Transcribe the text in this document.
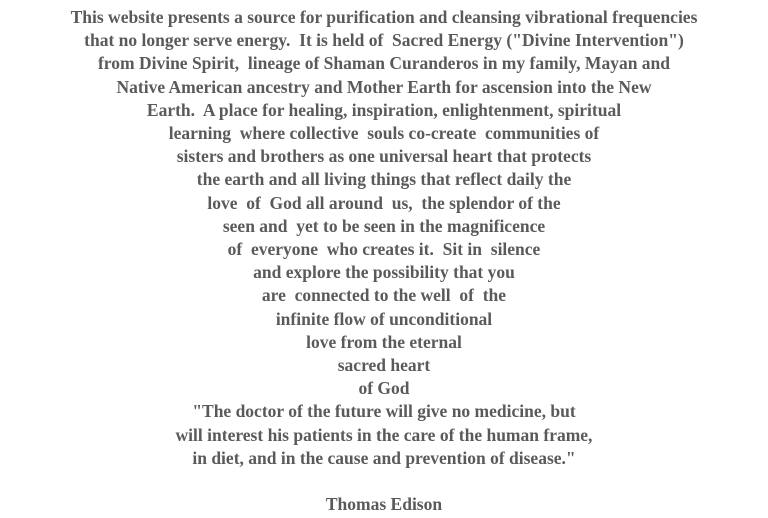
This website presents a source for purification and cleansing vibrational frequencies
that no longer serve energy.  It is held of  Sacred Energy ("Divine Intervention")
from Divine Spirit,  lineage of Shaman Curanderos in my family, Mayan and
Native American ancestry and Mother Earth for ascension into the New
Earth.  A place for healing, inspiration, enlightenment, spiritual
learning  where collective  souls co-create  communities of
sisters and brothers as one universal heart that protects
the earth and all living things that reflect daily the
love  of  God all around  us,  the splendor of the
seen and  yet to be seen in the magnificence
of  everyone  who creates it.  Sit in  silence
and explore the possibility that you
are  connected to the well  of  the
infinite flow of unconditional
love from the eternal
sacred heart
of God
"The doctor of the future will give no medicine, but
will interest his patients in the care of the human frame,
in diet, and in the cause and prevention of disease."
Thomas Edison
